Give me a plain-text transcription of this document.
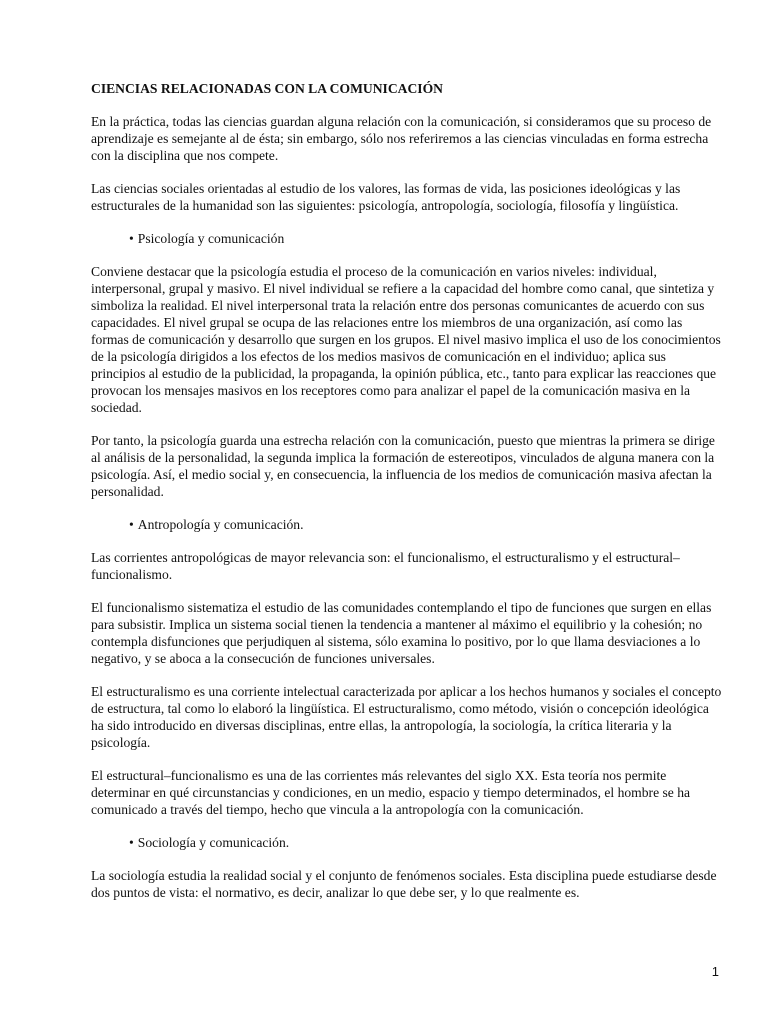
CIENCIAS RELACIONADAS CON LA COMUNICACIÓN

En la práctica, todas las ciencias guardan alguna relación con la comunicación, si consideramos que su proceso de aprendizaje es semejante al de ésta; sin embargo, sólo nos referiremos a las ciencias vinculadas en forma estrecha con la disciplina que nos compete.

Las ciencias sociales orientadas al estudio de los valores, las formas de vida, las posiciones ideológicas y las estructurales de la humanidad son las siguientes: psicología, antropología, sociología, filosofía y lingüística.

• Psicología y comunicación

Conviene destacar que la psicología estudia el proceso de la comunicación en varios niveles: individual, interpersonal, grupal y masivo. El nivel individual se refiere a la capacidad del hombre como canal, que sintetiza y simboliza la realidad. El nivel interpersonal trata la relación entre dos personas comunicantes de acuerdo con sus capacidades. El nivel grupal se ocupa de las relaciones entre los miembros de una organización, así como las formas de comunicación y desarrollo que surgen en los grupos. El nivel masivo implica el uso de los conocimientos de la psicología dirigidos a los efectos de los medios masivos de comunicación en el individuo; aplica sus principios al estudio de la publicidad, la propaganda, la opinión pública, etc., tanto para explicar las reacciones que provocan los mensajes masivos en los receptores como para analizar el papel de la comunicación masiva en la sociedad.

Por tanto, la psicología guarda una estrecha relación con la comunicación, puesto que mientras la primera se dirige al análisis de la personalidad, la segunda implica la formación de estereotipos, vinculados de alguna manera con la psicología. Así, el medio social y, en consecuencia, la influencia de los medios de comunicación masiva afectan la personalidad.

• Antropología y comunicación.

Las corrientes antropológicas de mayor relevancia son: el funcionalismo, el estructuralismo y el estructural–funcionalismo.

El funcionalismo sistematiza el estudio de las comunidades contemplando el tipo de funciones que surgen en ellas para subsistir. Implica un sistema social tienen la tendencia a mantener al máximo el equilibrio y la cohesión; no contempla disfunciones que perjudiquen al sistema, sólo examina lo positivo, por lo que llama desviaciones a lo negativo, y se aboca a la consecución de funciones universales.

El estructuralismo es una corriente intelectual caracterizada por aplicar a los hechos humanos y sociales el concepto de estructura, tal como lo elaboró la lingüística. El estructuralismo, como método, visión o concepción ideológica ha sido introducido en diversas disciplinas, entre ellas, la antropología, la sociología, la crítica literaria y la psicología.

El estructural–funcionalismo es una de las corrientes más relevantes del siglo XX. Esta teoría nos permite determinar en qué circunstancias y condiciones, en un medio, espacio y tiempo determinados, el hombre se ha comunicado a través del tiempo, hecho que vincula a la antropología con la comunicación.

• Sociología y comunicación.

La sociología estudia la realidad social y el conjunto de fenómenos sociales. Esta disciplina puede estudiarse desde dos puntos de vista: el normativo, es decir, analizar lo que debe ser, y lo que realmente es.

1
